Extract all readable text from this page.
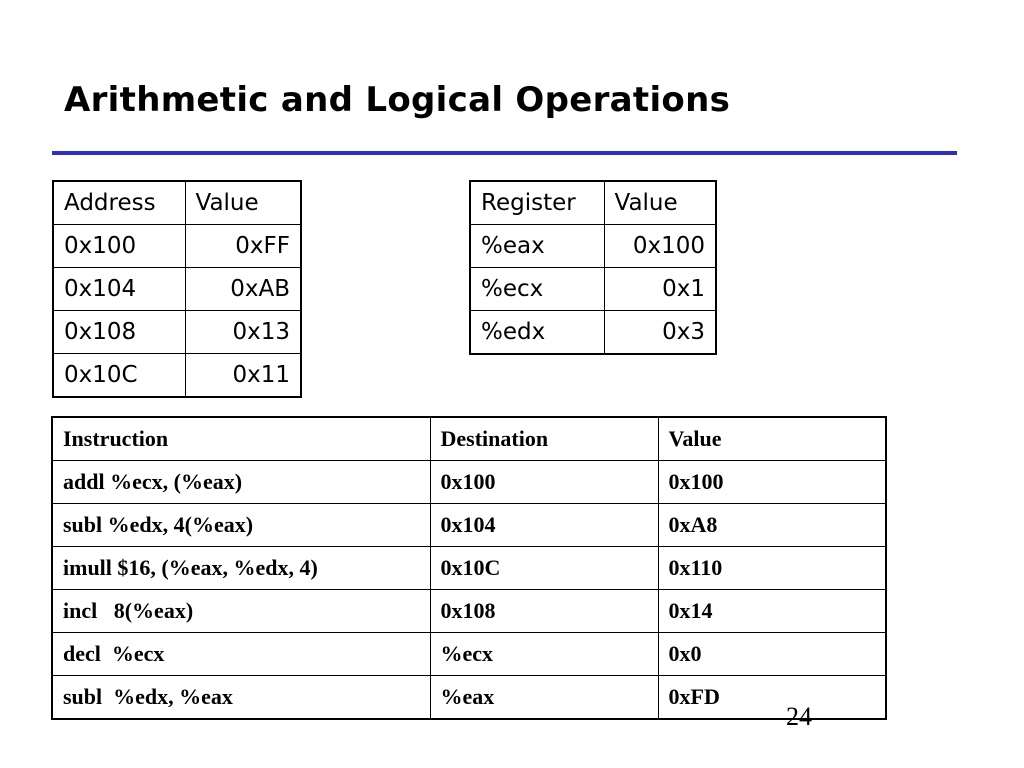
Arithmetic and Logical Operations
Address	Value
0x100	0xFF
0x104	0xAB
0x108	0x13
0x10C	0x11
Register	Value
%eax	0x100
%ecx	0x1
%edx	0x3
Instruction	Destination	Value
addl %ecx, (%eax)	0x100	0x100
subl %edx, 4(%eax)	0x104	0xA8
imull $16, (%eax, %edx, 4)	0x10C	0x110
incl   8(%eax)	0x108	0x14
decl  %ecx	%ecx	0x0
subl  %edx, %eax	%eax	0xFD
24
